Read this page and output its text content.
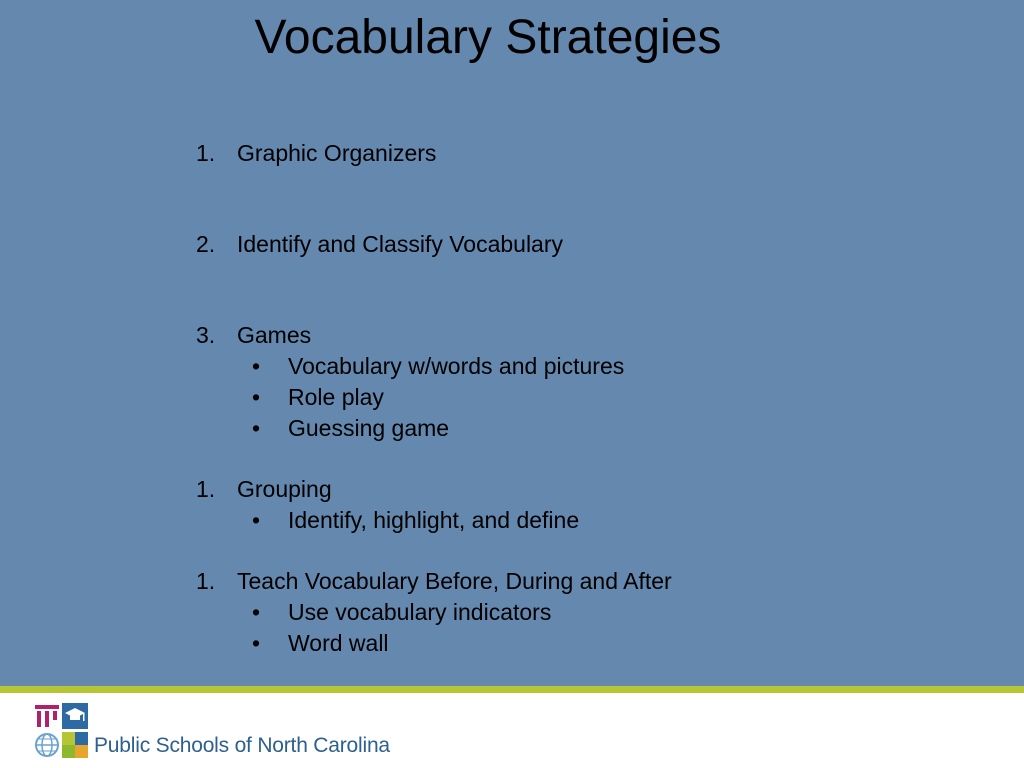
Vocabulary Strategies
1. Graphic Organizers
2. Identify and Classify Vocabulary
3. Games
• Vocabulary w/words and pictures
• Role play
• Guessing game
1. Grouping
• Identify, highlight, and define
1. Teach Vocabulary Before, During and After
• Use vocabulary indicators
• Word wall
Public Schools of North Carolina
